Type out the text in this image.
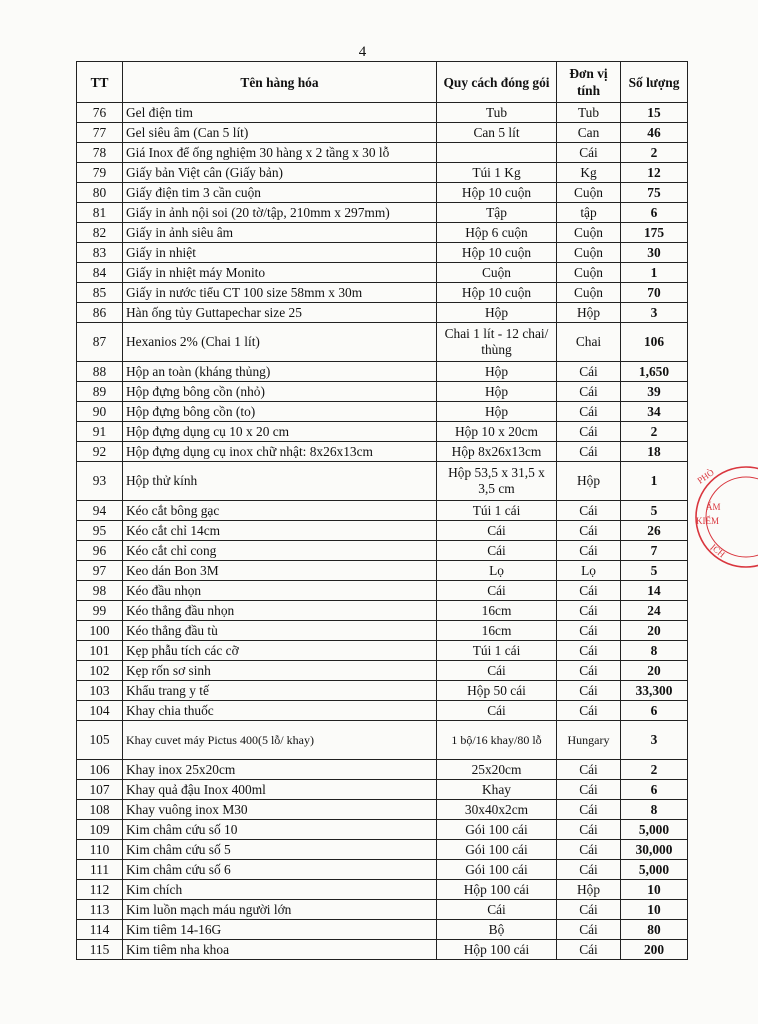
4
TT	Tên hàng hóa	Quy cách đóng gói	Đơn vị tính	Số lượng
76	Gel điện tim	Tub	Tub	15
77	Gel siêu âm (Can 5 lít)	Can 5 lít	Can	46
78	Giá Inox để ống nghiệm 30 hàng x 2 tầng x 30 lỗ		Cái	2
79	Giấy bản Việt cân (Giấy bản)	Túi 1 Kg	Kg	12
80	Giấy điện tim 3 cần cuộn	Hộp 10 cuộn	Cuộn	75
81	Giấy in ảnh nội soi (20 tờ/tập, 210mm x 297mm)	Tập	tập	6
82	Giấy in ảnh siêu âm	Hộp 6 cuộn	Cuộn	175
83	Giấy in nhiệt	Hộp 10 cuộn	Cuộn	30
84	Giấy in nhiệt máy Monito	Cuộn	Cuộn	1
85	Giấy in nước tiểu CT 100 size 58mm x 30m	Hộp 10 cuộn	Cuộn	70
86	Hàn ống tủy Guttapechar size 25	Hộp	Hộp	3
87	Hexanios 2% (Chai 1 lít)	Chai 1 lít - 12 chai/ thùng	Chai	106
88	Hộp an toàn (kháng thủng)	Hộp	Cái	1,650
89	Hộp đựng bông cồn (nhỏ)	Hộp	Cái	39
90	Hộp đựng bông cồn (to)	Hộp	Cái	34
91	Hộp đựng dụng cụ 10 x 20 cm	Hộp 10 x 20cm	Cái	2
92	Hộp đựng dụng cụ inox chữ nhật: 8x26x13cm	Hộp 8x26x13cm	Cái	18
93	Hộp thử kính	Hộp 53,5 x 31,5 x 3,5 cm	Hộp	1
94	Kéo cắt bông gạc	Túi 1 cái	Cái	5
95	Kéo cắt chỉ 14cm	Cái	Cái	26
96	Kéo cắt chỉ cong	Cái	Cái	7
97	Keo dán Bon 3M	Lọ	Lọ	5
98	Kéo đầu nhọn	Cái	Cái	14
99	Kéo thẳng đầu nhọn	16cm	Cái	24
100	Kéo thẳng đầu tù	16cm	Cái	20
101	Kẹp phẫu tích các cỡ	Túi 1 cái	Cái	8
102	Kẹp rốn sơ sinh	Cái	Cái	20
103	Khẩu trang y tế	Hộp 50 cái	Cái	33,300
104	Khay chia thuốc	Cái	Cái	6
105	Khay cuvet máy Pictus 400(5 lỗ/ khay)	1 bộ/16 khay/80 lỗ	Hungary	3
106	Khay inox 25x20cm	25x20cm	Cái	2
107	Khay quả đậu Inox 400ml	Khay	Cái	6
108	Khay vuông inox M30	30x40x2cm	Cái	8
109	Kim châm cứu số 10	Gói 100 cái	Cái	5,000
110	Kim châm cứu số 5	Gói 100 cái	Cái	30,000
111	Kim châm cứu số 6	Gói 100 cái	Cái	5,000
112	Kim chích	Hộp 100 cái	Hộp	10
113	Kim luồn mạch máu người lớn	Cái	Cái	10
114	Kim tiêm 14-16G	Bộ	Cái	80
115	Kim tiêm nha khoa	Hộp 100 cái	Cái	200
PHÒ
ẤM
KIỂM
ỊCH
